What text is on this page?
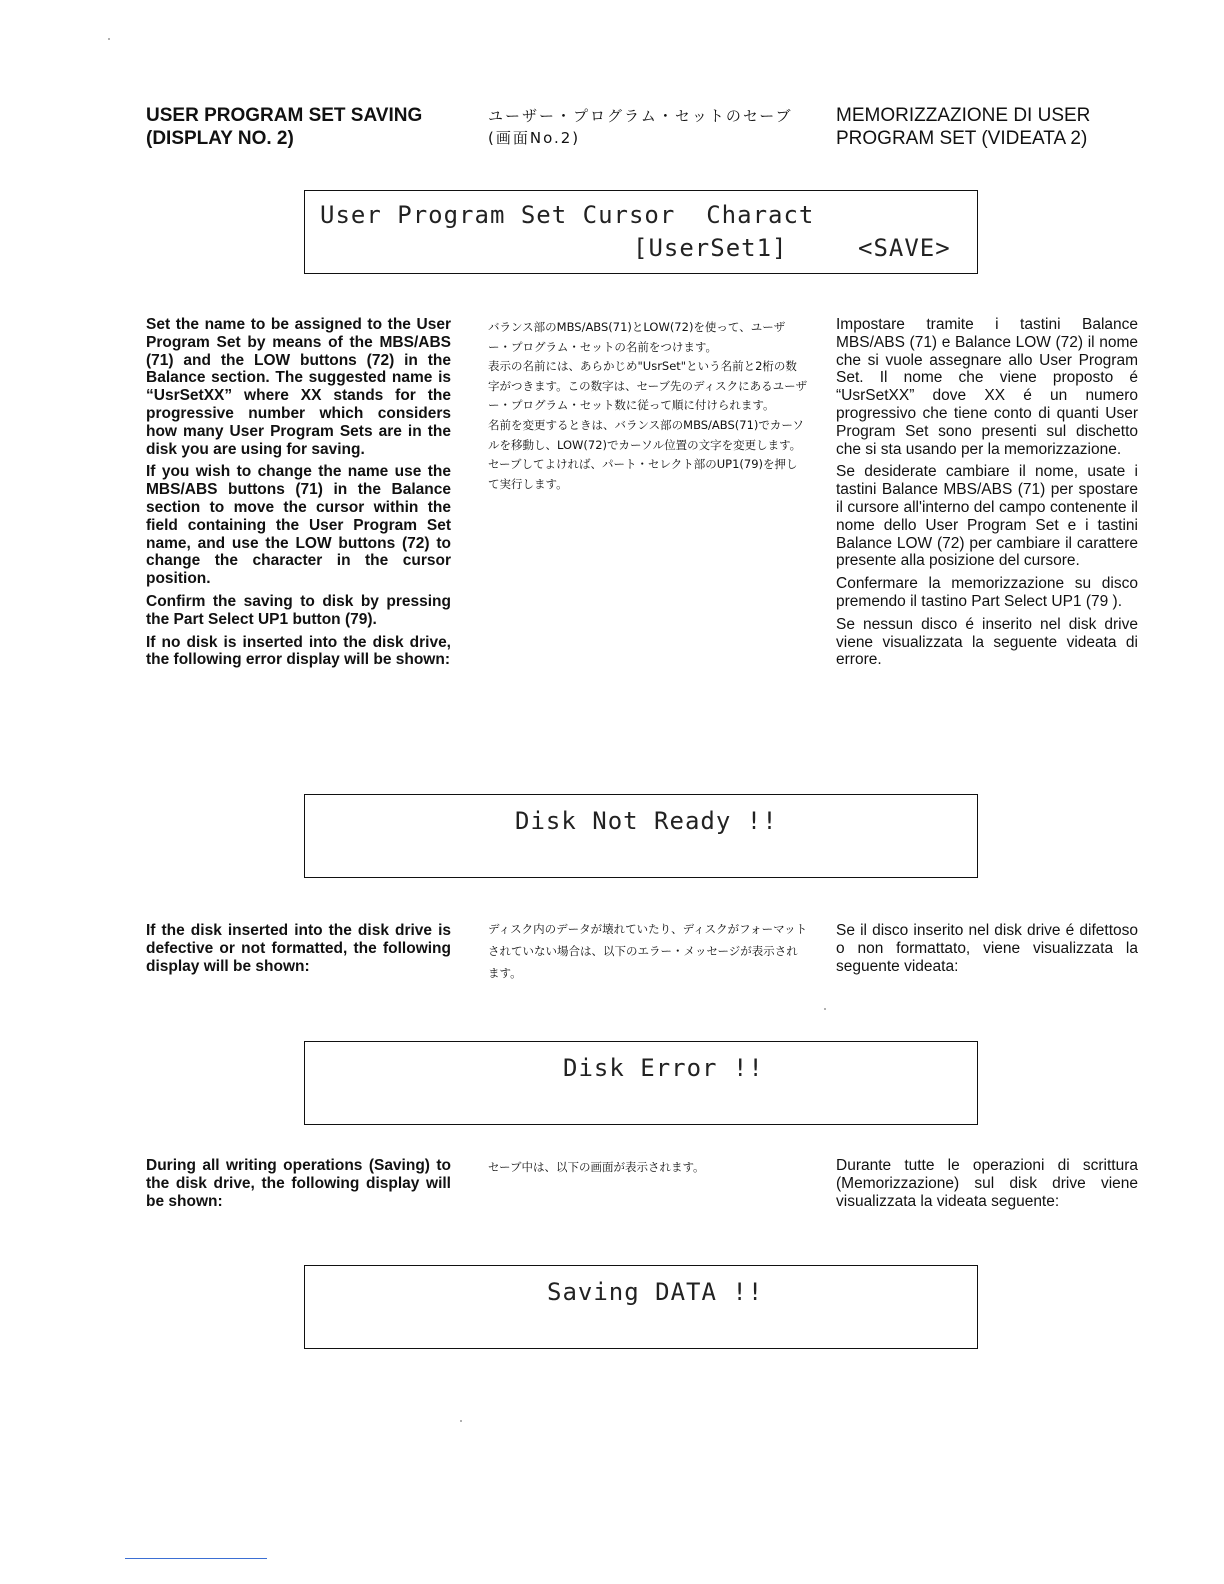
USER PROGRAM SET SAVING
(DISPLAY NO. 2)
ユーザー・プログラム・セットのセーブ
(画面No.2)
MEMORIZZAZIONE DI USER
PROGRAM SET (VIDEATA 2)
User Program Set Cursor  Charact
[UserSet1]	<SAVE>

Set the name to be assigned to the User Program Set by means of the MBS/ABS (71) and the LOW buttons (72) in the Balance section. The suggested name is “UsrSetXX” where XX stands for the progressive number which considers how many User Program Sets are in the disk you are using for saving.

If you wish to change the name use the MBS/ABS buttons (71) in the Balance section to move the cursor within the field containing the User Program Set name, and use the LOW buttons (72) to change the character in the cursor position.

Confirm the saving to disk by pressing the Part Select UP1 button (79).

If no disk is inserted into the disk drive, the following error display will be shown:

バランス部のMBS/ABS(71)とLOW(72)を使って、ユーザー・プログラム・セットの名前をつけます。

表示の名前には、あらかじめ"UsrSet"という名前と2桁の数字がつきます。この数字は、セーブ先のディスクにあるユーザー・プログラム・セット数に従って順に付けられます。

名前を変更するときは、バランス部のMBS/ABS(71)でカーソルを移動し、LOW(72)でカーソル位置の文字を変更します。

セーブしてよければ、パート・セレクト部のUP1(79)を押して実行します。

Impostare tramite i tastini Balance MBS/ABS (71) e Balance LOW (72) il nome che si vuole assegnare allo User Program Set. Il nome che viene proposto é “UsrSetXX” dove XX é un numero progressivo che tiene conto di quanti User Program Set sono presenti sul dischetto che si sta usando per la memorizzazione.

Se desiderate cambiare il nome, usate i tastini Balance MBS/ABS (71) per spostare il cursore all'interno del campo contenente il nome dello User Program Set e i tastini Balance LOW (72) per cambiare il carattere presente alla posizione del cursore.

Confermare la memorizzazione su disco premendo il tastino Part Select UP1 (79 ).

Se nessun disco é inserito nel disk drive viene visualizzata la seguente videata di errore.

Disk Not Ready !!

If the disk inserted into the disk drive is defective or not formatted, the following display will be shown:

ディスク内のデータが壊れていたり、ディスクがフォーマットされていない場合は、以下のエラー・メッセージが表示されます。

Se il disco inserito nel disk drive é difettoso o non formattato, viene visualizzata la seguente videata:

Disk Error !!

During all writing operations (Saving) to the disk drive, the following display will be shown:

セーブ中は、以下の画面が表示されます。	Durante tutte le operazioni di scrittura (Memorizzazione) sul disk drive viene visualizzata la videata seguente:

Saving DATA !!
